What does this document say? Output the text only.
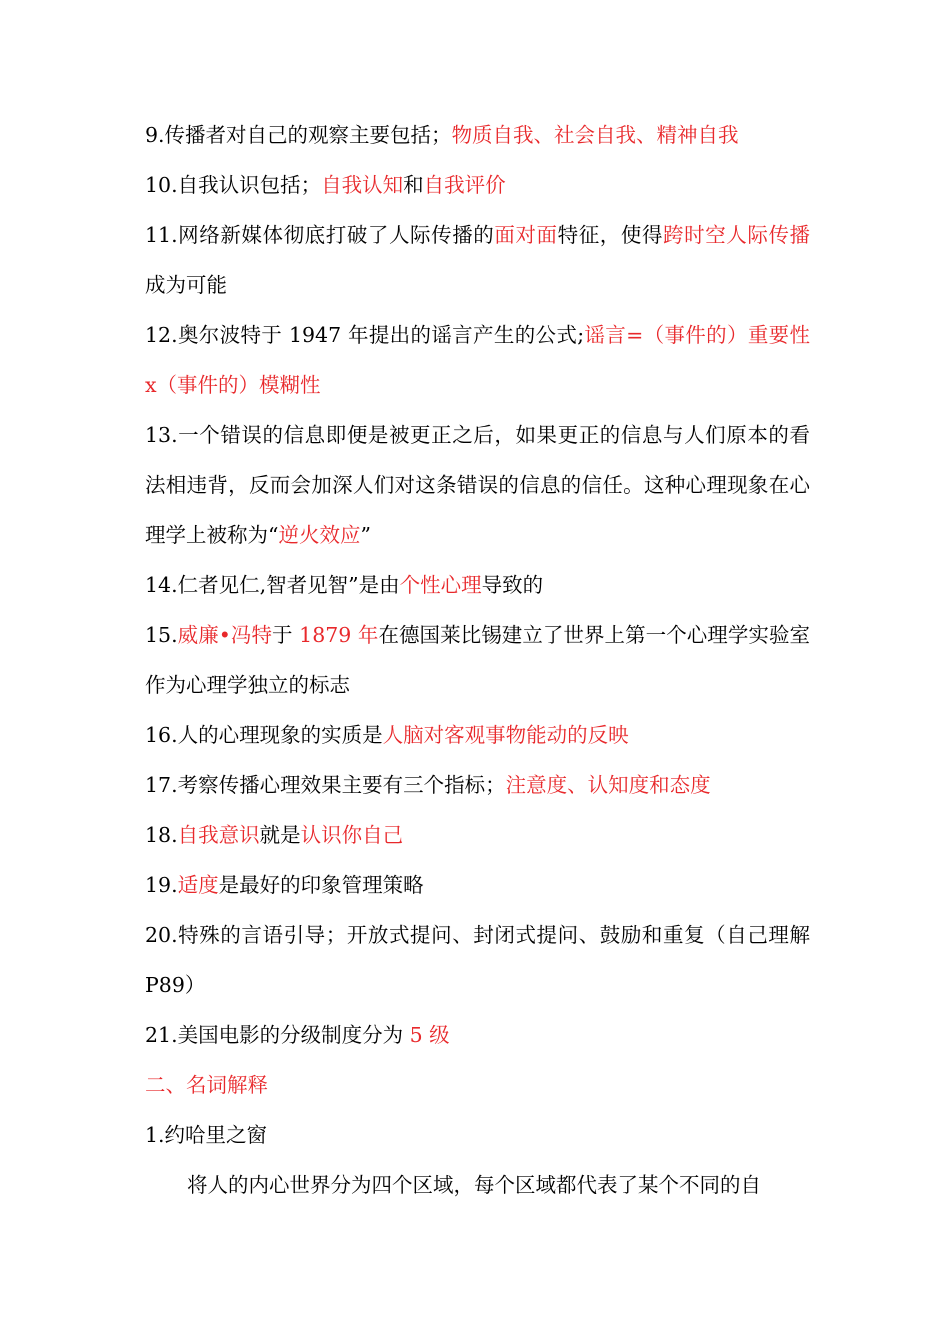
9.传播者对自己的观察主要包括；物质自我、社会自我、精神自我

10.自我认识包括；自我认知和自我评价

11.网络新媒体彻底打破了人际传播的面对面特征，使得跨时空人际传播成为可能

12.奥尔波特于 1947 年提出的谣言产生的公式;谣言=（事件的）重要性 x（事件的）模糊性

13.一个错误的信息即便是被更正之后，如果更正的信息与人们原本的看法相违背，反而会加深人们对这条错误的信息的信任。这种心理现象在心理学上被称为“逆火效应”

14.仁者见仁,智者见智”是由个性心理导致的

15.威廉•冯特于 1879 年在德国莱比锡建立了世界上第一个心理学实验室作为心理学独立的标志

16.人的心理现象的实质是人脑对客观事物能动的反映

17.考察传播心理效果主要有三个指标；注意度、认知度和态度

18.自我意识就是认识你自己

19.适度是最好的印象管理策略

20.特殊的言语引导；开放式提问、封闭式提问、鼓励和重复（自己理解 P89）

21.美国电影的分级制度分为 5 级

二、名词解释

1.约哈里之窗

将人的内心世界分为四个区域，每个区域都代表了某个不同的自
